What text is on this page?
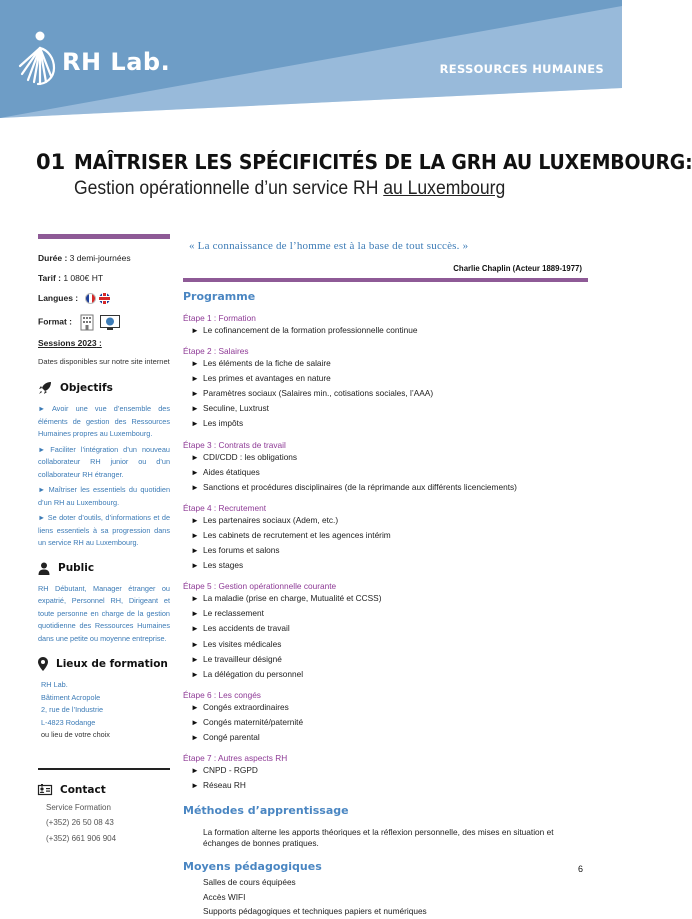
RH Lab.	RESSOURCES HUMAINES
01 MAÎTRISER LES SPÉCIFICITÉS DE LA GRH AU LUXEMBOURG:
Gestion opérationnelle d’un service RH au Luxembourg
Durée : 3 demi-journées
Tarif : 1 080€ HT
Langues :
Format :
Sessions 2023 :
Dates disponibles sur notre site internet
Objectifs
► Avoir une vue d’ensemble des éléments de gestion des Ressources Humaines propres au Luxembourg.
► Faciliter l’intégration d’un nouveau collaborateur RH junior ou d’un collaborateur RH étranger.
► Maîtriser les essentiels du quotidien d’un RH au Luxembourg.
► Se doter d’outils, d’informations et de liens essentiels à sa progression dans un service RH au Luxembourg.
Public
RH Débutant, Manager étranger ou expatrié, Personnel RH, Dirigeant et toute personne en charge de la gestion quotidienne des Ressources Humaines dans une petite ou moyenne entreprise.
Lieux de formation
RH Lab.
Bâtiment Acropole
2, rue de l’Industrie
L-4823 Rodange
ou lieu de votre choix
Contact
Service Formation
(+352) 26 50 08 43
(+352) 661 906 904
« La connaissance de l’homme est à la base de tout succès. »
Charlie Chaplin (Acteur 1889-1977)
Programme
Étape 1 : Formation
► Le cofinancement de la formation professionnelle continue
Étape 2 : Salaires
► Les éléments de la fiche de salaire
► Les primes et avantages en nature
► Paramètres sociaux (Salaires min., cotisations sociales, l’AAA)
► Seculine, Luxtrust
► Les impôts
Étape 3 : Contrats de travail
► CDI/CDD : les obligations
► Aides étatiques
► Sanctions et procédures disciplinaires (de la réprimande aux différents licenciements)
Étape 4 : Recrutement
► Les partenaires sociaux (Adem, etc.)
► Les cabinets de recrutement et les agences intérim
► Les forums et salons
► Les stages
Étape 5 : Gestion opérationnelle courante
► La maladie (prise en charge, Mutualité et CCSS)
► Le reclassement
► Les accidents de travail
► Les visites médicales
► Le travailleur désigné
► La délégation du personnel
Étape 6 : Les congés
► Congés extraordinaires
► Congés maternité/paternité
► Congé parental
Étape 7 : Autres aspects RH
► CNPD - RGPD
► Réseau RH
Méthodes d’apprentissage
La formation alterne les apports théoriques et la réflexion personnelle, des mises en situation et échanges de bonnes pratiques.
Moyens pédagogiques
Salles de cours équipées
Accès WIFI
Supports pédagogiques et techniques papiers et numériques
6
